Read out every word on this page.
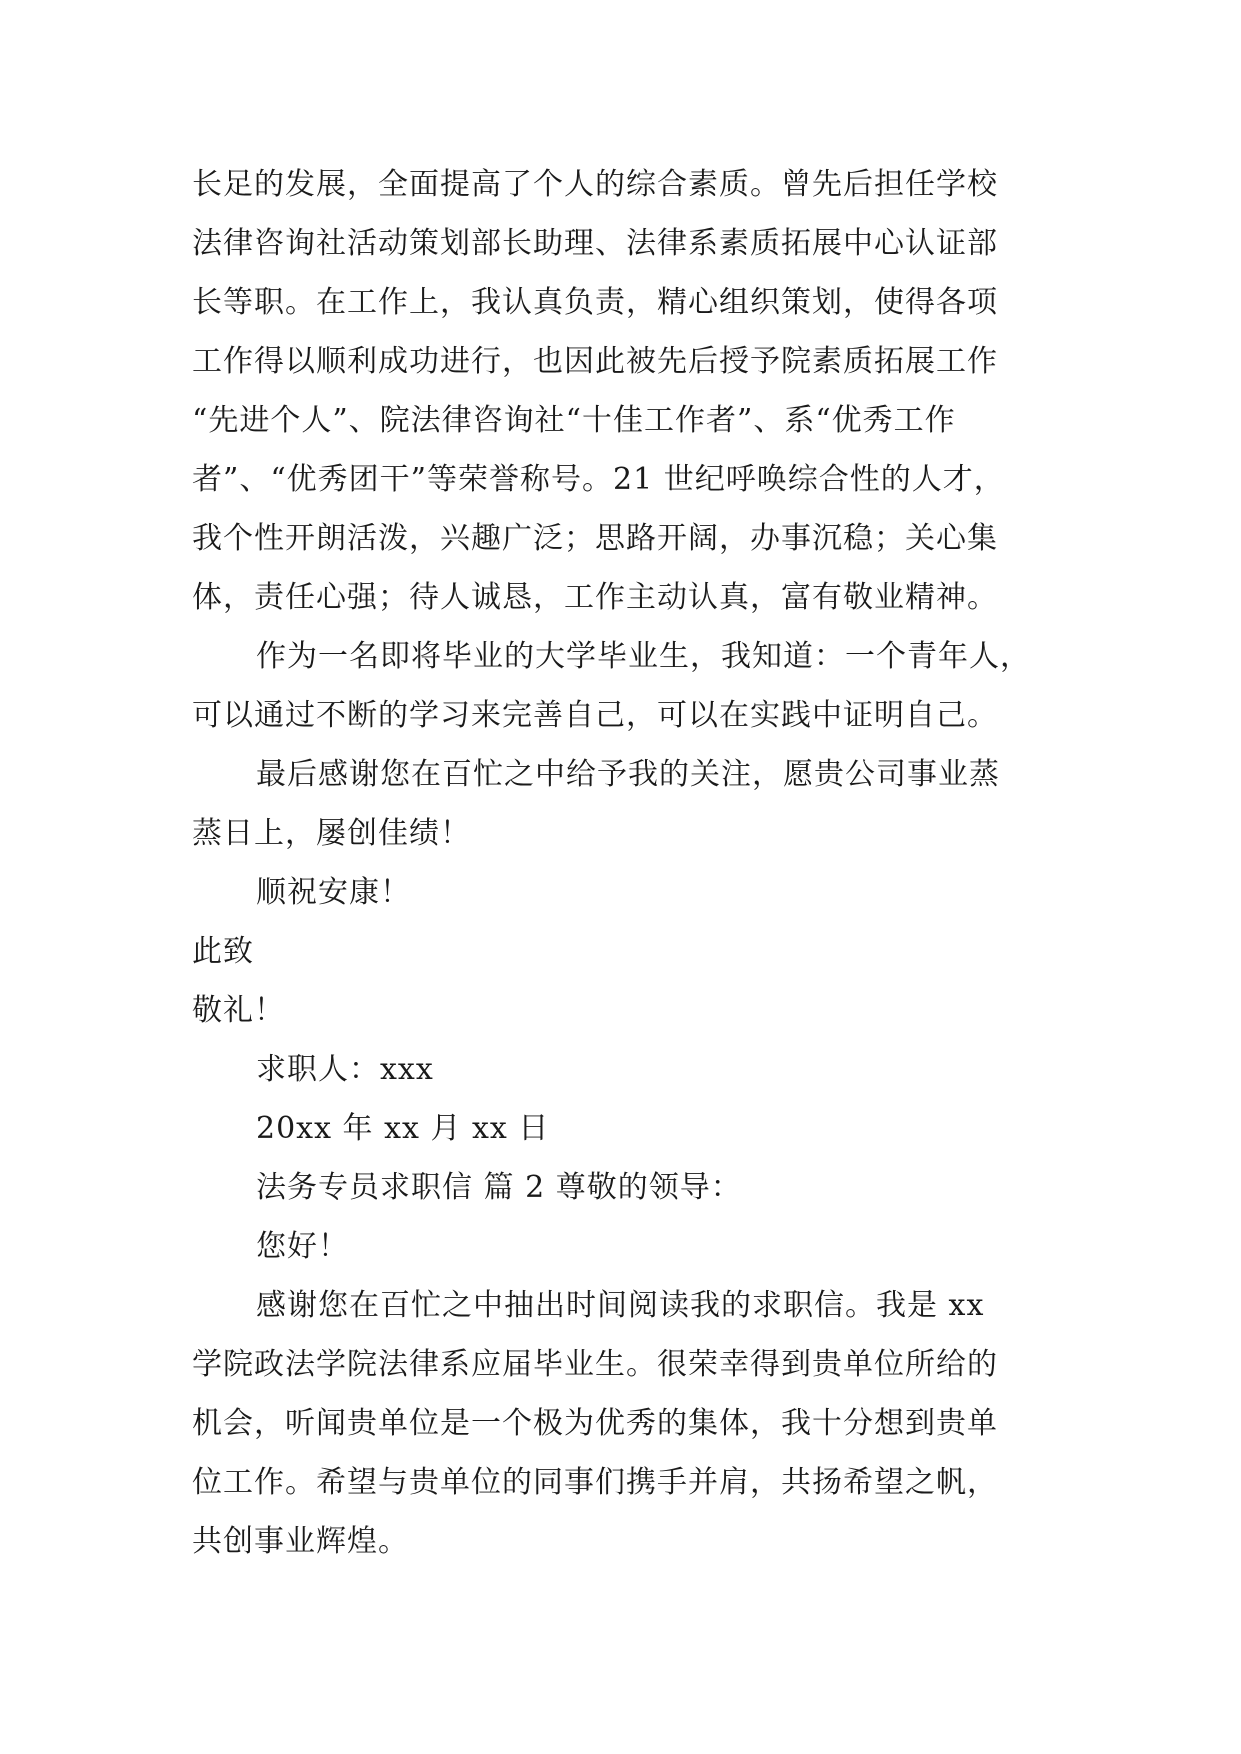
长足的发展，全面提高了个人的综合素质。曾先后担任学校
法律咨询社活动策划部长助理、法律系素质拓展中心认证部
长等职。在工作上，我认真负责，精心组织策划，使得各项
工作得以顺利成功进行，也因此被先后授予院素质拓展工作
“先进个人”、院法律咨询社“十佳工作者”、系“优秀工作
者”、“优秀团干”等荣誉称号。21 世纪呼唤综合性的人才，
我个性开朗活泼，兴趣广泛；思路开阔，办事沉稳；关心集
体，责任心强；待人诚恳，工作主动认真，富有敬业精神。
作为一名即将毕业的大学毕业生，我知道：一个青年人，
可以通过不断的学习来完善自己，可以在实践中证明自己。
最后感谢您在百忙之中给予我的关注，愿贵公司事业蒸
蒸日上，屡创佳绩！
顺祝安康！
此致
敬礼！
求职人：xxx
20xx 年 xx 月 xx 日
法务专员求职信 篇 2 尊敬的领导：
您好！
感谢您在百忙之中抽出时间阅读我的求职信。我是 xx
学院政法学院法律系应届毕业生。很荣幸得到贵单位所给的
机会，听闻贵单位是一个极为优秀的集体，我十分想到贵单
位工作。希望与贵单位的同事们携手并肩，共扬希望之帆，
共创事业辉煌。
